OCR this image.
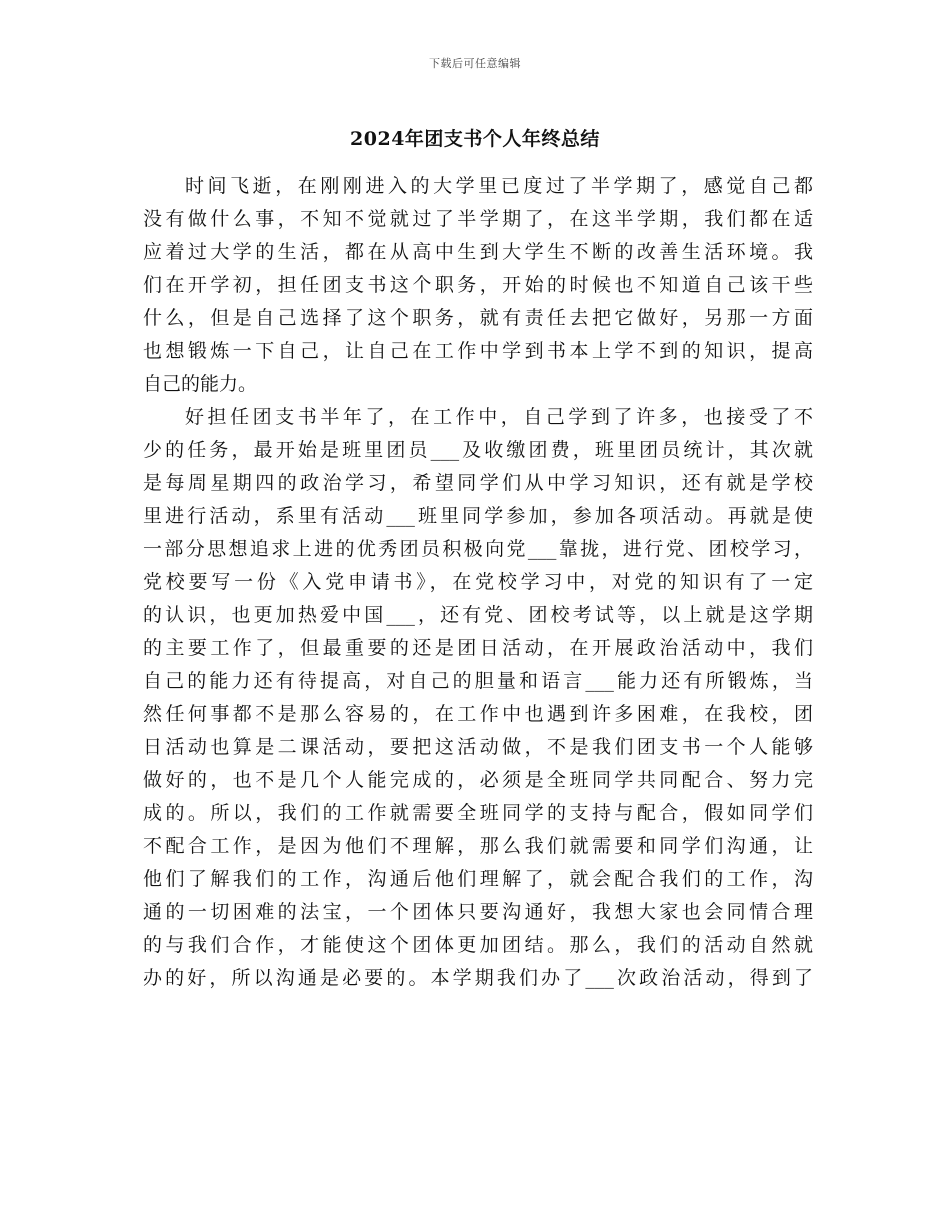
下载后可任意编辑
2024年团支书个人年终总结
时间飞逝，在刚刚进入的大学里已度过了半学期了，感觉自己都
没有做什么事，不知不觉就过了半学期了，在这半学期，我们都在适
应着过大学的生活，都在从高中生到大学生不断的改善生活环境。我
们在开学初，担任团支书这个职务，开始的时候也不知道自己该干些
什么，但是自己选择了这个职务，就有责任去把它做好，另那一方面
也想锻炼一下自己，让自己在工作中学到书本上学不到的知识，提高
自己的能力。
好担任团支书半年了，在工作中，自己学到了许多，也接受了不
少的任务，最开始是班里团员___及收缴团费，班里团员统计，其次就
是每周星期四的政治学习，希望同学们从中学习知识，还有就是学校
里进行活动，系里有活动___班里同学参加，参加各项活动。再就是使
一部分思想追求上进的优秀团员积极向党___靠拢，进行党、团校学习，
党校要写一份《入党申请书》，在党校学习中，对党的知识有了一定
的认识，也更加热爱中国___，还有党、团校考试等，以上就是这学期
的主要工作了，但最重要的还是团日活动，在开展政治活动中，我们
自己的能力还有待提高，对自己的胆量和语言___能力还有所锻炼，当
然任何事都不是那么容易的，在工作中也遇到许多困难，在我校，团
日活动也算是二课活动，要把这活动做，不是我们团支书一个人能够
做好的，也不是几个人能完成的，必须是全班同学共同配合、努力完
成的。所以，我们的工作就需要全班同学的支持与配合，假如同学们
不配合工作，是因为他们不理解，那么我们就需要和同学们沟通，让
他们了解我们的工作，沟通后他们理解了，就会配合我们的工作，沟
通的一切困难的法宝，一个团体只要沟通好，我想大家也会同情合理
的与我们合作，才能使这个团体更加团结。那么，我们的活动自然就
办的好，所以沟通是必要的。本学期我们办了___次政治活动，得到了
